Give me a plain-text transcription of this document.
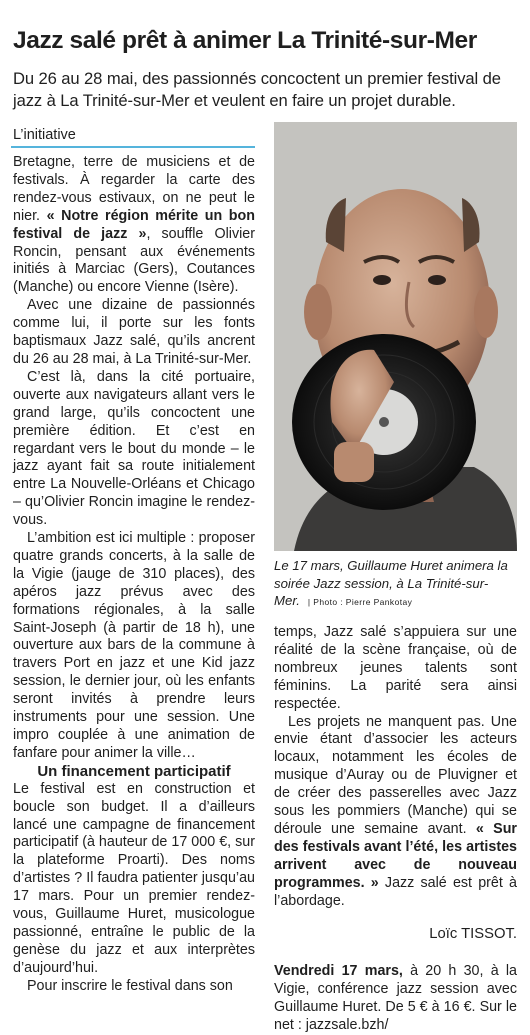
Jazz salé prêt à animer La Trinité-sur-Mer
Du 26 au 28 mai, des passionnés concoctent un premier festival de jazz à La Trinité-sur-Mer et veulent en faire un projet durable.
L’initiative

Bretagne, terre de musiciens et de festivals. À regarder la carte des rendez-vous estivaux, on ne peut le nier. « Notre région mérite un bon festival de jazz », souffle Olivier Roncin, pensant aux événements initiés à Marciac (Gers), Coutances (Manche) ou encore Vienne (Isère).

Avec une dizaine de passionnés comme lui, il porte sur les fonts baptismaux Jazz salé, qu’ils ancrent du 26 au 28 mai, à La Trinité-sur-Mer.

C’est là, dans la cité portuaire, ouverte aux navigateurs allant vers le grand large, qu’ils concoctent une première édition. Et c’est en regardant vers le bout du monde – le jazz ayant fait sa route initialement entre La Nouvelle-Orléans et Chicago – qu’Olivier Roncin imagine le rendez-vous.

L’ambition est ici multiple : proposer quatre grands concerts, à la salle de la Vigie (jauge de 310 places), des apéros jazz prévus avec des formations régionales, à la salle Saint-Joseph (à partir de 18 h), une ouverture aux bars de la commune à travers Port en jazz et une Kid jazz session, le dernier jour, où les enfants seront invités à prendre leurs instruments pour une session. Une impro couplée à une animation de fanfare pour animer la ville…

Un financement participatif

Le festival est en construction et boucle son budget. Il a d’ailleurs lancé une campagne de financement participatif (à hauteur de 17 000 €, sur la plateforme Proarti). Des noms d’artistes ? Il faudra patienter jusqu’au 17 mars. Pour un premier rendez-vous, Guillaume Huret, musicologue passionné, entraîne le public de la genèse du jazz et aux interprètes d’aujourd’hui.

Pour inscrire le festival dans son

Le 17 mars, Guillaume Huret animera la soirée Jazz session, à La Trinité-sur-Mer. | Photo : Pierre Pankotay

temps, Jazz salé s’appuiera sur une réalité de la scène française, où de nombreux jeunes talents sont féminins. La parité sera ainsi respectée.

Les projets ne manquent pas. Une envie étant d’associer les acteurs locaux, notamment les écoles de musique d’Auray ou de Pluvigner et de créer des passerelles avec Jazz sous les pommiers (Manche) qui se déroule une semaine avant. « Sur des festivals avant l’été, les artistes arrivent avec de nouveau programmes. » Jazz salé est prêt à l’abordage.

Loïc TISSOT.

Vendredi 17 mars, à 20 h 30, à la Vigie, conférence jazz session avec Guillaume Huret. De 5 € à 16 €. Sur le net : jazzsale.bzh/
